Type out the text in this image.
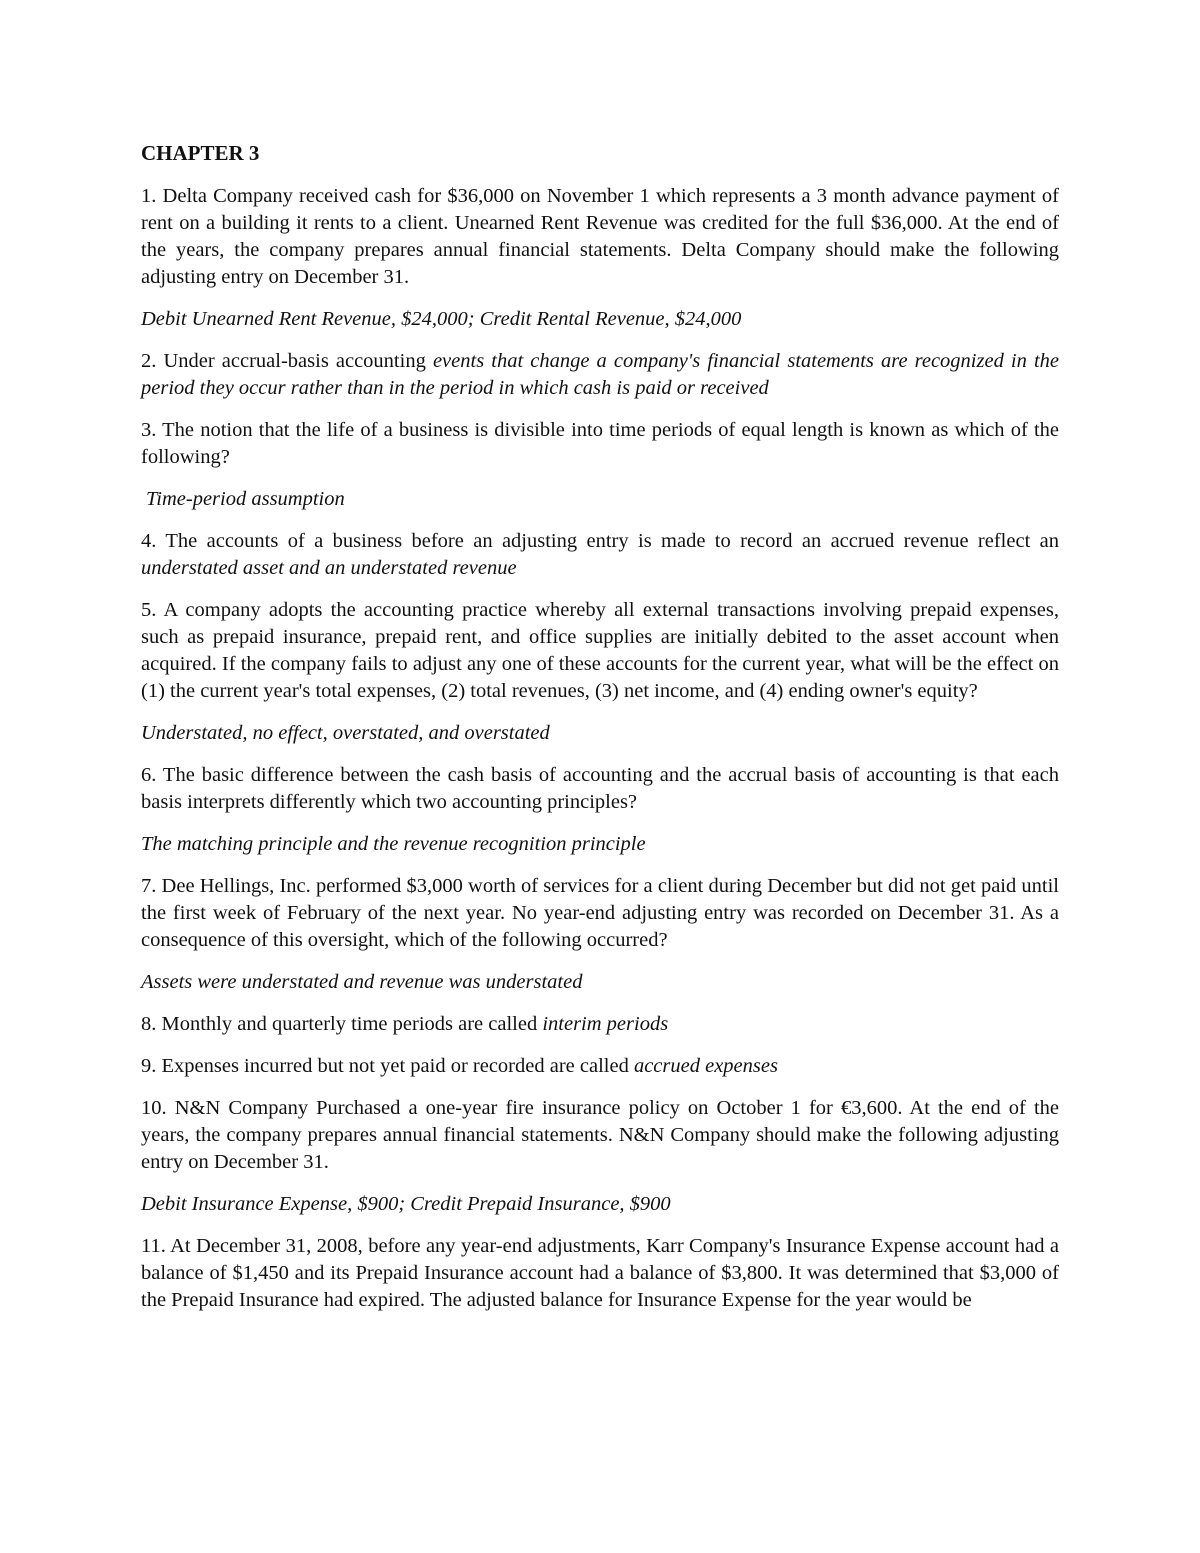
CHAPTER 3
1. Delta Company received cash for $36,000 on November 1 which represents a 3 month advance payment of rent on a building it rents to a client. Unearned Rent Revenue was credited for the full $36,000. At the end of the years, the company prepares annual financial statements. Delta Company should make the following adjusting entry on December 31.
Debit Unearned Rent Revenue, $24,000; Credit Rental Revenue, $24,000
2. Under accrual-basis accounting events that change a company's financial statements are recognized in the period they occur rather than in the period in which cash is paid or received
3. The notion that the life of a business is divisible into time periods of equal length is known as which of the following?
Time-period assumption
4. The accounts of a business before an adjusting entry is made to record an accrued revenue reflect an understated asset and an understated revenue
5. A company adopts the accounting practice whereby all external transactions involving prepaid expenses, such as prepaid insurance, prepaid rent, and office supplies are initially debited to the asset account when acquired. If the company fails to adjust any one of these accounts for the current year, what will be the effect on (1) the current year's total expenses, (2) total revenues, (3) net income, and (4) ending owner's equity?
Understated, no effect, overstated, and overstated
6. The basic difference between the cash basis of accounting and the accrual basis of accounting is that each basis interprets differently which two accounting principles?
The matching principle and the revenue recognition principle
7. Dee Hellings, Inc. performed $3,000 worth of services for a client during December but did not get paid until the first week of February of the next year. No year-end adjusting entry was recorded on December 31. As a consequence of this oversight, which of the following occurred?
Assets were understated and revenue was understated
8. Monthly and quarterly time periods are called interim periods
9. Expenses incurred but not yet paid or recorded are called accrued expenses
10. N&N Company Purchased a one-year fire insurance policy on October 1 for €3,600. At the end of the years, the company prepares annual financial statements. N&N Company should make the following adjusting entry on December 31.
Debit Insurance Expense, $900; Credit Prepaid Insurance, $900
11. At December 31, 2008, before any year-end adjustments, Karr Company's Insurance Expense account had a balance of $1,450 and its Prepaid Insurance account had a balance of $3,800. It was determined that $3,000 of the Prepaid Insurance had expired. The adjusted balance for Insurance Expense for the year would be
